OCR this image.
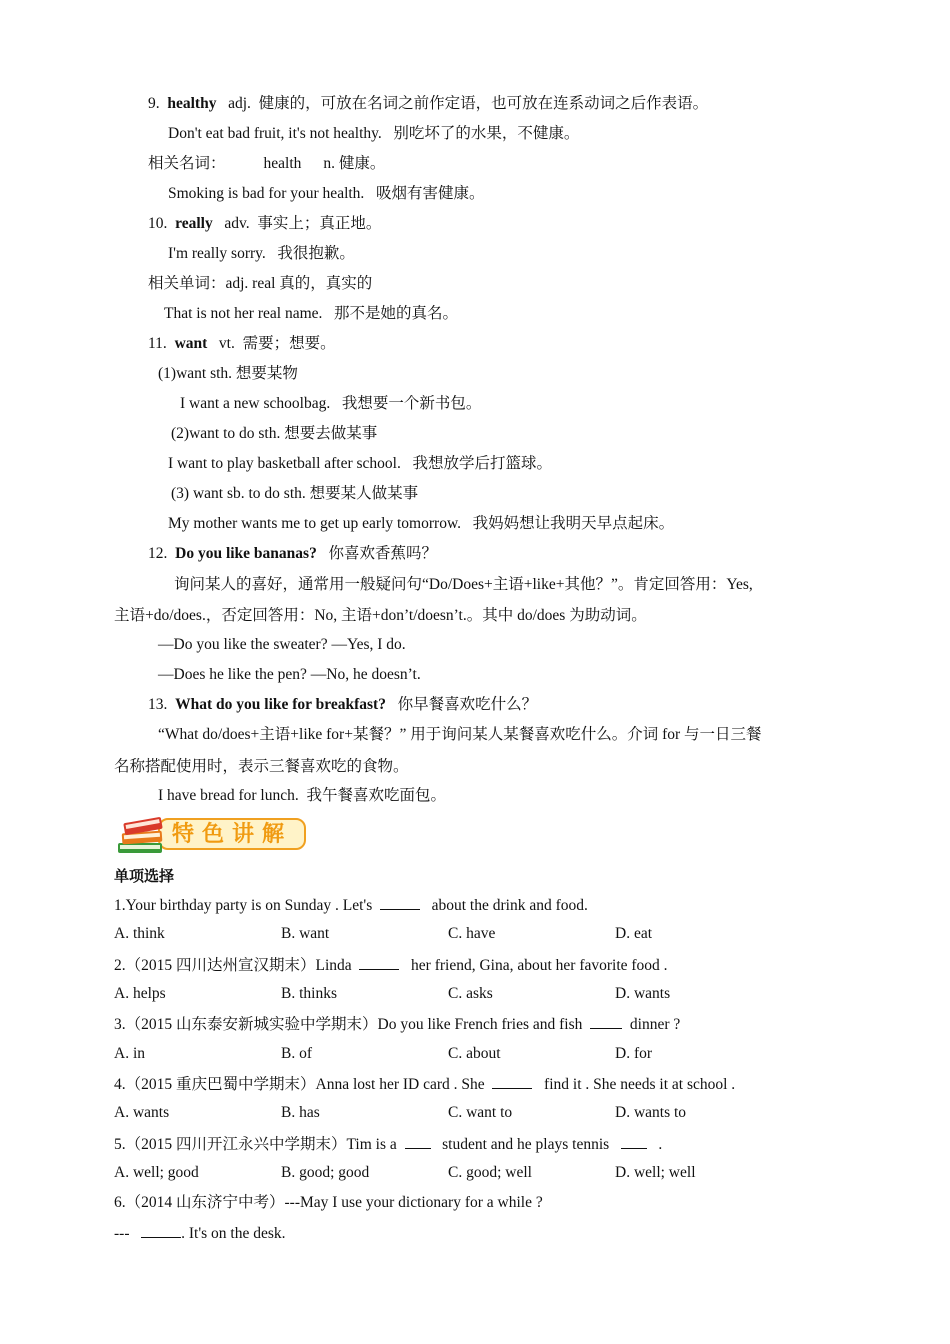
9. healthy adj. 健康的，可放在名词之前作定语，也可放在连系动词之后作表语。
Don't eat bad fruit, it's not healthy. 别吃坏了的水果，不健康。
相关名词： health n. 健康。
Smoking is bad for your health. 吸烟有害健康。
10. really adv. 事实上；真正地。
I'm really sorry. 我很抱歉。
相关单词：adj. real 真的，真实的
That is not her real name. 那不是她的真名。
11. want vt. 需要；想要。
(1)want sth. 想要某物
I want a new schoolbag. 我想要一个新书包。
(2)want to do sth. 想要去做某事
I want to play basketball after school. 我想放学后打篮球。
(3) want sb. to do sth. 想要某人做某事
My mother wants me to get up early tomorrow. 我妈妈想让我明天早点起床。
12. Do you like bananas? 你喜欢香蕉吗？
询问某人的喜好，通常用一般疑问句“Do/Does+主语+like+其他？”。肯定回答用：Yes,
主语+do/does.，否定回答用：No, 主语+don’t/doesn’t.。其中 do/does 为助动词。
—Do you like the sweater? —Yes, I do.
—Does he like the pen? —No, he doesn’t.
13. What do you like for breakfast? 你早餐喜欢吃什么？
“What do/does+主语+like for+某餐？” 用于询问某人某餐喜欢吃什么。介词 for 与一日三餐
名称搭配使用时，表示三餐喜欢吃的食物。
I have bread for lunch. 我午餐喜欢吃面包。
特色讲解
单项选择
1.Your birthday party is on Sunday . Let's	about the drink and food.
A. think	B. want	C. have	D. eat
2.（2015 四川达州宣汉期末）Linda	her friend, Gina, about her favorite food .
A. helps	B. thinks	C. asks	D. wants
3.（2015 山东泰安新城实验中学期末）Do you like French fries and fish	dinner ?
A. in	B. of	C. about	D. for
4.（2015 重庆巴蜀中学期末）Anna lost her ID card . She	find it . She needs it at school .
A. wants	B. has	C. want to	D. wants to
5.（2015 四川开江永兴中学期末）Tim is a	student and he plays tennis	.
A. well; good	B. good; good	C. good; well	D. well; well
6.（2014 山东济宁中考）---May I use your dictionary for a while ?
---	. It's on the desk.
